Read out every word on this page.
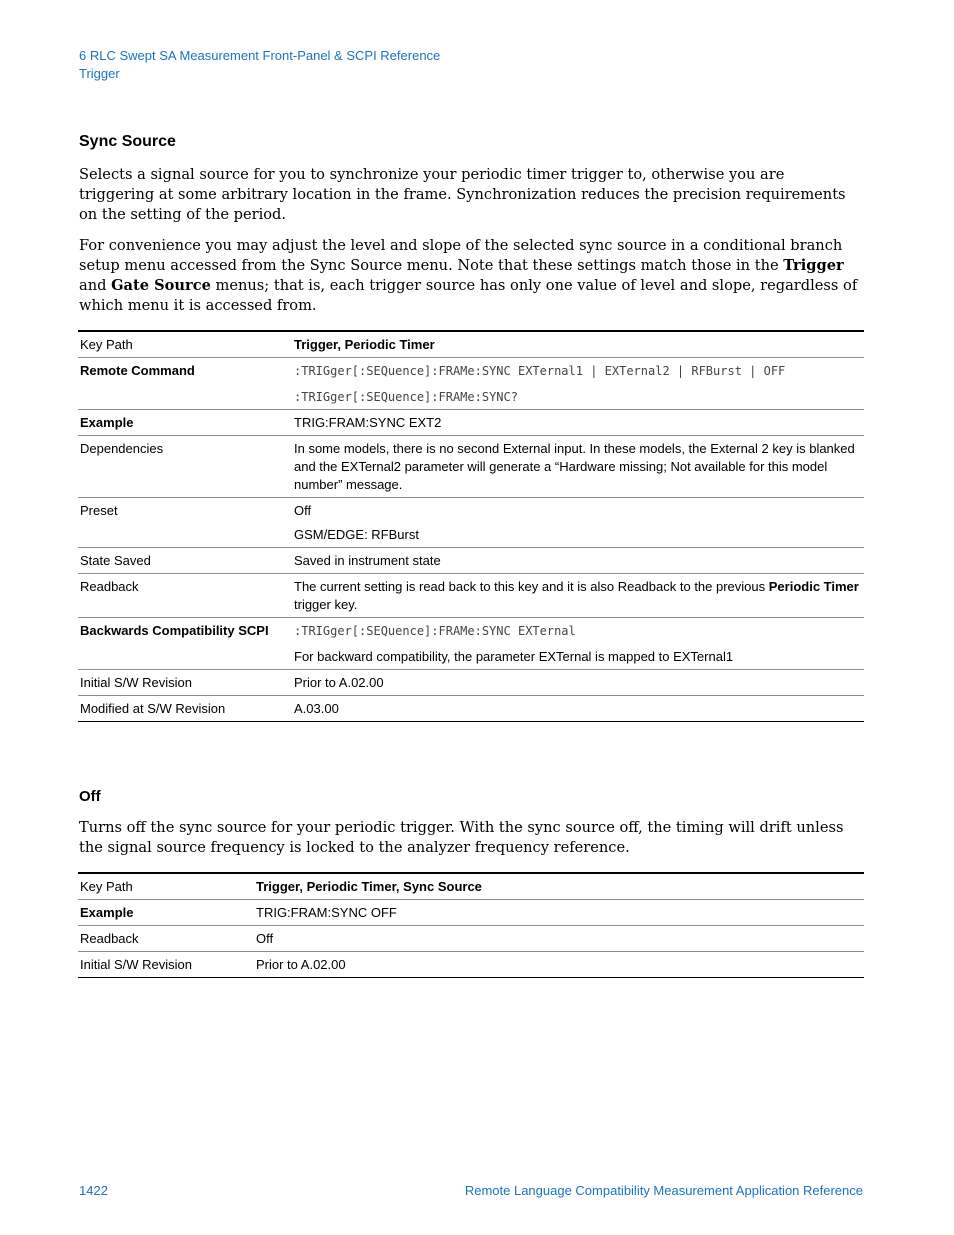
6 RLC Swept SA Measurement Front-Panel & SCPI Reference
Trigger
Sync Source
Selects a signal source for you to synchronize your periodic timer trigger to, otherwise you are triggering at some arbitrary location in the frame. Synchronization reduces the precision requirements on the setting of the period.
For convenience you may adjust the level and slope of the selected sync source in a conditional branch setup menu accessed from the Sync Source menu. Note that these settings match those in the Trigger and Gate Source menus; that is, each trigger source has only one value of level and slope, regardless of which menu it is accessed from.
Key Path	Trigger, Periodic Timer
Remote Command	:TRIGger[:SEQuence]:FRAMe:SYNC EXTernal1 | EXTernal2 | RFBurst | OFF
:TRIGger[:SEQuence]:FRAMe:SYNC?

Example	TRIG:FRAM:SYNC EXT2
Dependencies	In some models, there is no second External input. In these models, the External 2 key is blanked and the EXTernal2 parameter will generate a “Hardware missing; Not available for this model number” message.
Preset	Off
GSM/EDGE: RFBurst

State Saved	Saved in instrument state
Readback	The current setting is read back to this key and it is also Readback to the previous Periodic Timer trigger key.
Backwards Compatibility SCPI	:TRIGger[:SEQuence]:FRAMe:SYNC EXTernal
For backward compatibility, the parameter EXTernal is mapped to EXTernal1

Initial S/W Revision	Prior to A.02.00
Modified at S/W Revision	A.03.00
Off
Turns off the sync source for your periodic trigger. With the sync source off, the timing will drift unless the signal source frequency is locked to the analyzer frequency reference.
Key Path	Trigger, Periodic Timer, Sync Source
Example	TRIG:FRAM:SYNC OFF
Readback	Off
Initial S/W Revision	Prior to A.02.00
1422	Remote Language Compatibility Measurement Application Reference
